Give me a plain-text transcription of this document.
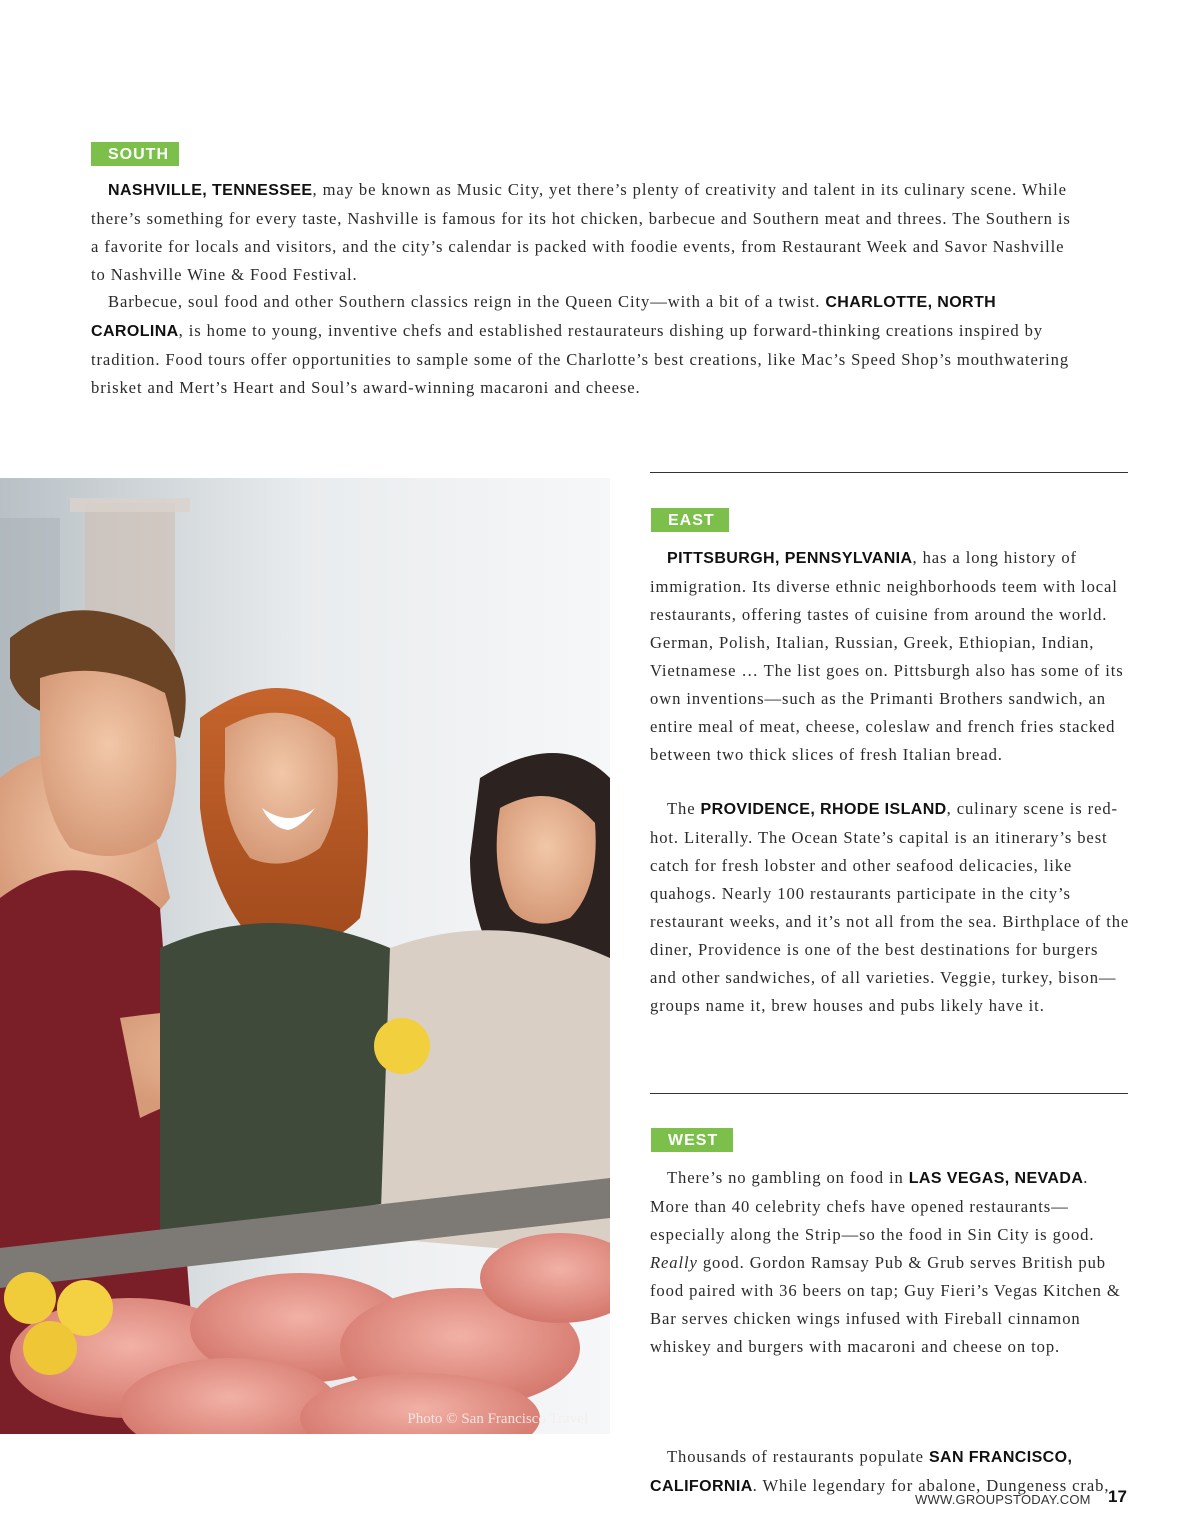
SOUTH

NASHVILLE, TENNESSEE, may be known as Music City, yet there’s plenty of creativity and talent in its culinary scene. While there’s something for every taste, Nashville is famous for its hot chicken, barbecue and Southern meat and threes. The Southern is a favorite for locals and visitors, and the city’s calendar is packed with foodie events, from Restaurant Week and Savor Nashville to Nashville Wine & Food Festival.

Barbecue, soul food and other Southern classics reign in the Queen City—with a bit of a twist. CHARLOTTE, NORTH CAROLINA, is home to young, inventive chefs and established restaurateurs dishing up forward-thinking creations inspired by tradition. Food tours offer opportunities to sample some of the Charlotte’s best creations, like Mac’s Speed Shop’s mouthwatering brisket and Mert’s Heart and Soul’s award-winning macaroni and cheese.

Photo © San Francisco Travel
EAST

PITTSBURGH, PENNSYLVANIA, has a long history of immigration. Its diverse ethnic neighborhoods teem with local restaurants, offering tastes of cuisine from around the world. German, Polish, Italian, Russian, Greek, Ethiopian, Indian, Vietnamese … The list goes on. Pittsburgh also has some of its own inventions—such as the Primanti Brothers sandwich, an entire meal of meat, cheese, coleslaw and french fries stacked between two thick slices of fresh Italian bread.

The PROVIDENCE, RHODE ISLAND, culinary scene is red-hot. Literally. The Ocean State’s capital is an itinerary’s best catch for fresh lobster and other seafood delicacies, like quahogs. Nearly 100 restaurants participate in the city’s restaurant weeks, and it’s not all from the sea. Birthplace of the diner, Providence is one of the best destinations for burgers and other sandwiches, of all varieties. Veggie, turkey, bison—groups name it, brew houses and pubs likely have it.

WEST

There’s no gambling on food in LAS VEGAS, NEVADA. More than 40 celebrity chefs have opened restaurants—especially along the Strip—so the food in Sin City is good. Really good. Gordon Ramsay Pub & Grub serves British pub food paired with 36 beers on tap; Guy Fieri’s Vegas Kitchen & Bar serves chicken wings infused with Fireball cinnamon whiskey and burgers with macaroni and cheese on top.

Thousands of restaurants populate SAN FRANCISCO, CALIFORNIA. While legendary for abalone, Dungeness crab,

WWW.GROUPSTODAY.COM 17
